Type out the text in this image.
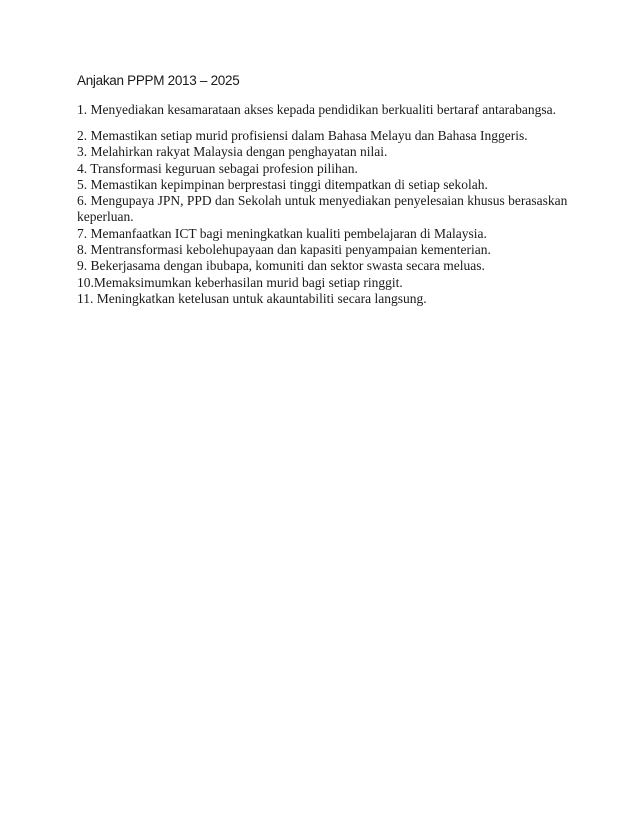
Anjakan PPPM 2013 – 2025

1. Menyediakan kesamarataan akses kepada pendidikan berkualiti bertaraf antarabangsa.

2. Memastikan setiap murid profisiensi dalam Bahasa Melayu dan Bahasa Inggeris.
3. Melahirkan rakyat Malaysia dengan penghayatan nilai.
4. Transformasi keguruan sebagai profesion pilihan.
5. Memastikan kepimpinan berprestasi tinggi ditempatkan di setiap sekolah.
6. Mengupaya JPN, PPD dan Sekolah untuk menyediakan penyelesaian khusus berasaskan keperluan.
7. Memanfaatkan ICT bagi meningkatkan kualiti pembelajaran di Malaysia.
8. Mentransformasi kebolehupayaan dan kapasiti penyampaian kementerian.
9. Bekerjasama dengan ibubapa, komuniti dan sektor swasta secara meluas.
10.Memaksimumkan keberhasilan murid bagi setiap ringgit.
11. Meningkatkan ketelusan untuk akauntabiliti secara langsung.
